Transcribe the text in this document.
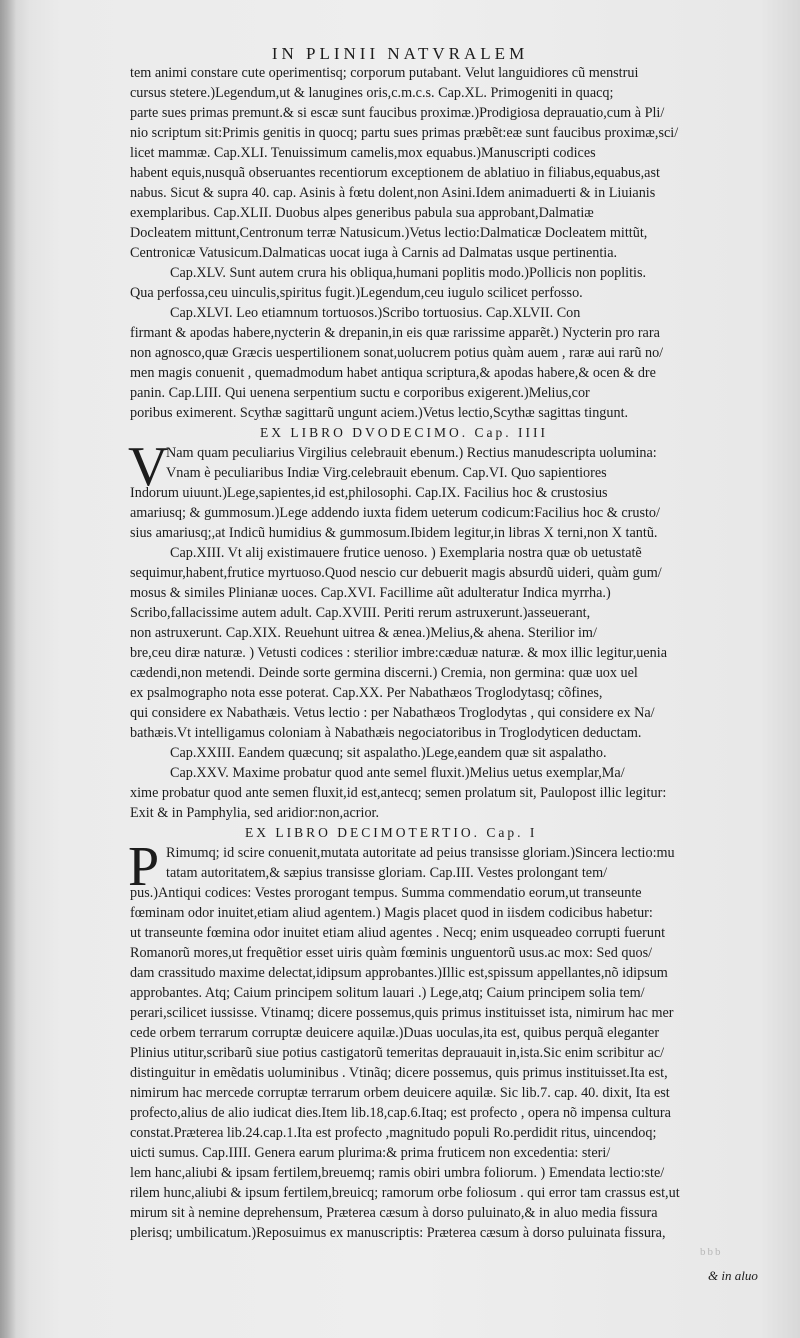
IN PLINII NATVRALEM
tem animi constare cute operimentisq; corporum putabant. Velut languidiores cũ menstrui
cursus stetere.)Legendum,ut & lanugines oris,c.m.c.s. Cap.XL. Primogeniti in quacq;
parte sues primas premunt.& si escæ sunt faucibus proximæ.)Prodigiosa deprauatio,cum à Pli/
nio scriptum sit:Primis genitis in quocq; partu sues primas præbẽt:eæ sunt faucibus proximæ,sci/
licet mammæ. Cap.XLI. Tenuissimum camelis,mox equabus.)Manuscripti codices
habent equis,nusquã obseruantes recentiorum exceptionem de ablatiuo in filiabus,equabus,ast
nabus. Sicut & supra 40. cap. Asinis à fœtu dolent,non Asini.Idem animaduerti & in Liuianis
exemplaribus. Cap.XLII. Duobus alpes generibus pabula sua approbant,Dalmatiæ
Docleatem mittunt,Centronum terræ Natusicum.)Vetus lectio:Dalmaticæ Docleatem mittũt,
Centronicæ Vatusicum.Dalmaticas uocat iuga à Carnis ad Dalmatas usque pertinentia.
Cap.XLV. Sunt autem crura his obliqua,humani poplitis modo.)Pollicis non poplitis.
Qua perfossa,ceu uinculis,spiritus fugit.)Legendum,ceu iugulo scilicet perfosso.
Cap.XLVI. Leo etiamnum tortuosos.)Scribo tortuosius. Cap.XLVII. Con
firmant & apodas habere,nycterin & drepanin,in eis quæ rarissime apparẽt.) Nycterin pro rara
non agnosco,quæ Græcis uespertilionem sonat,uolucrem potius quàm auem , raræ aui rarũ no/
men magis conuenit , quemadmodum habet antiqua scriptura,& apodas habere,& ocen & dre
panin. Cap.LIII. Qui uenena serpentium suctu e corporibus exigerent.)Melius,cor
poribus eximerent. Scythæ sagittarũ ungunt aciem.)Vetus lectio,Scythæ sagittas tingunt.
EX LIBRO DVODECIMO. Cap. IIII
V
Nam quam peculiarius Virgilius celebrauit ebenum.) Rectius manudescripta uolumina:
Vnam è peculiaribus Indiæ Virg.celebrauit ebenum. Cap.VI. Quo sapientiores
Indorum uiuunt.)Lege,sapientes,id est,philosophi. Cap.IX. Facilius hoc & crustosius
amariusq; & gummosum.)Lege addendo iuxta fidem ueterum codicum:Facilius hoc & crusto/
sius amariusq;,at Indicũ humidius & gummosum.Ibidem legitur,in libras X terni,non X tantũ.
Cap.XIII. Vt alij existimauere frutice uenoso. ) Exemplaria nostra quæ ob uetustatẽ
sequimur,habent,frutice myrtuoso.Quod nescio cur debuerit magis absurdũ uideri, quàm gum/
mosus & similes Plinianæ uoces. Cap.XVI. Facillime aũt adulteratur Indica myrrha.)
Scribo,fallacissime autem adult. Cap.XVIII. Periti rerum astruxerunt.)asseuerant,
non astruxerunt. Cap.XIX. Reuehunt uitrea & ænea.)Melius,& ahena. Sterilior im/
bre,ceu diræ naturæ. ) Vetusti codices : sterilior imbre:cæduæ naturæ. & mox illic legitur,uenia
cædendi,non metendi. Deinde sorte germina discerni.) Cremia, non germina: quæ uox uel
ex psalmographo nota esse poterat. Cap.XX. Per Nabathæos Troglodytasq; cõfines,
qui considere ex Nabathæis. Vetus lectio : per Nabathæos Troglodytas , qui considere ex Na/
bathæis.Vt intelligamus coloniam à Nabathæis negociatoribus in Troglodyticen deductam.
Cap.XXIII. Eandem quæcunq; sit aspalatho.)Lege,eandem quæ sit aspalatho.
Cap.XXV. Maxime probatur quod ante semel fluxit.)Melius uetus exemplar,Ma/
xime probatur quod ante semen fluxit,id est,antecq; semen prolatum sit, Paulopost illic legitur:
Exit & in Pamphylia, sed aridior:non,acrior.
EX LIBRO DECIMOTERTIO. Cap. I
P Rimumq; id scire conuenit,mutata autoritate ad peius transisse gloriam.)Sincera lectio:mu
tatam autoritatem,& sæpius transisse gloriam. Cap.III. Vestes prolongant tem/
pus.)Antiqui codices: Vestes prorogant tempus. Summa commendatio eorum,ut transeunte
fœminam odor inuitet,etiam aliud agentem.) Magis placet quod in iisdem codicibus habetur:
ut transeunte fœmina odor inuitet etiam aliud agentes . Necq; enim usqueadeo corrupti fuerunt
Romanorũ mores,ut frequẽtior esset uiris quàm fœminis unguentorũ usus.ac mox: Sed quos/
dam crassitudo maxime delectat,idipsum approbantes.)Illic est,spissum appellantes,nõ idipsum
approbantes. Atq; Caium principem solitum lauari .) Lege,atq; Caium principem solia tem/
perari,scilicet iussisse. Vtinamq; dicere possemus,quis primus instituisset ista, nimirum hac mer
cede orbem terrarum corruptæ deuicere aquilæ.)Duas uoculas,ita est, quibus perquã eleganter
Plinius utitur,scribarũ siue potius castigatorũ temeritas deprauauit in,ista.Sic enim scribitur ac/
distinguitur in emẽdatis uoluminibus . Vtinãq; dicere possemus, quis primus instituisset.Ita est,
nimirum hac mercede corruptæ terrarum orbem deuicere aquilæ. Sic lib.7. cap. 40. dixit, Ita est
profecto,alius de alio iudicat dies.Item lib.18,cap.6.Itaq; est profecto , opera nõ impensa cultura
constat.Præterea lib.24.cap.1.Ita est profecto ,magnitudo populi Ro.perdidit ritus, uincendoq;
uicti sumus. Cap.IIII. Genera earum plurima:& prima fruticem non excedentia: steri/
lem hanc,aliubi & ipsam fertilem,breuemq; ramis obiri umbra foliorum. ) Emendata lectio:ste/
rilem hunc,aliubi & ipsum fertilem,breuicq; ramorum orbe foliosum . qui error tam crassus est,ut
mirum sit à nemine deprehensum, Præterea cæsum à dorso puluinato,& in aluo media fissura
plerisq; umbilicatum.)Reposuimus ex manuscriptis: Præterea cæsum à dorso puluinata fissura,
& in aluo
bbb
